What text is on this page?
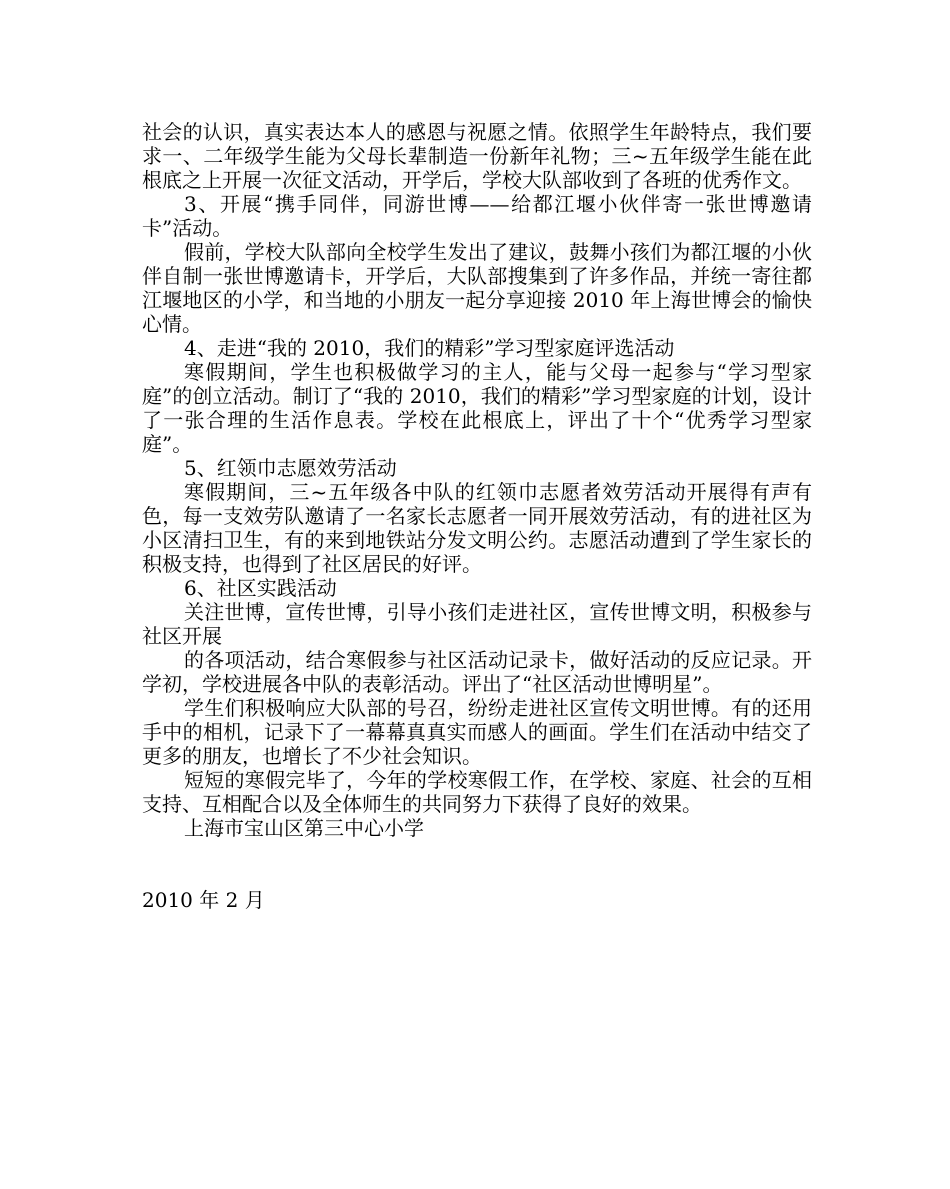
社会的认识，真实表达本人的感恩与祝愿之情。依照学生年龄特点，我们要求一、二年级学生能为父母长辈制造一份新年礼物；三~五年级学生能在此根底之上开展一次征文活动，开学后，学校大队部收到了各班的优秀作文。

3、开展“携手同伴，同游世博——给都江堰小伙伴寄一张世博邀请卡”活动。

假前，学校大队部向全校学生发出了建议，鼓舞小孩们为都江堰的小伙伴自制一张世博邀请卡，开学后，大队部搜集到了许多作品，并统一寄往都江堰地区的小学，和当地的小朋友一起分享迎接 2010 年上海世博会的愉快心情。

4、走进“我的 2010，我们的精彩”学习型家庭评选活动

寒假期间，学生也积极做学习的主人，能与父母一起参与“学习型家庭”的创立活动。制订了“我的 2010，我们的精彩”学习型家庭的计划，设计了一张合理的生活作息表。学校在此根底上，评出了十个“优秀学习型家庭”。

5、红领巾志愿效劳活动

寒假期间，三~五年级各中队的红领巾志愿者效劳活动开展得有声有色，每一支效劳队邀请了一名家长志愿者一同开展效劳活动，有的进社区为小区清扫卫生，有的来到地铁站分发文明公约。志愿活动遭到了学生家长的积极支持，也得到了社区居民的好评。

6、社区实践活动

关注世博，宣传世博，引导小孩们走进社区，宣传世博文明，积极参与社区开展

的各项活动，结合寒假参与社区活动记录卡，做好活动的反应记录。开学初，学校进展各中队的表彰活动。评出了“社区活动世博明星”。

学生们积极响应大队部的号召，纷纷走进社区宣传文明世博。有的还用手中的相机，记录下了一幕幕真真实而感人的画面。学生们在活动中结交了更多的朋友，也增长了不少社会知识。

短短的寒假完毕了，今年的学校寒假工作，在学校、家庭、社会的互相支持、互相配合以及全体师生的共同努力下获得了良好的效果。

上海市宝山区第三中心小学

2010 年 2 月
